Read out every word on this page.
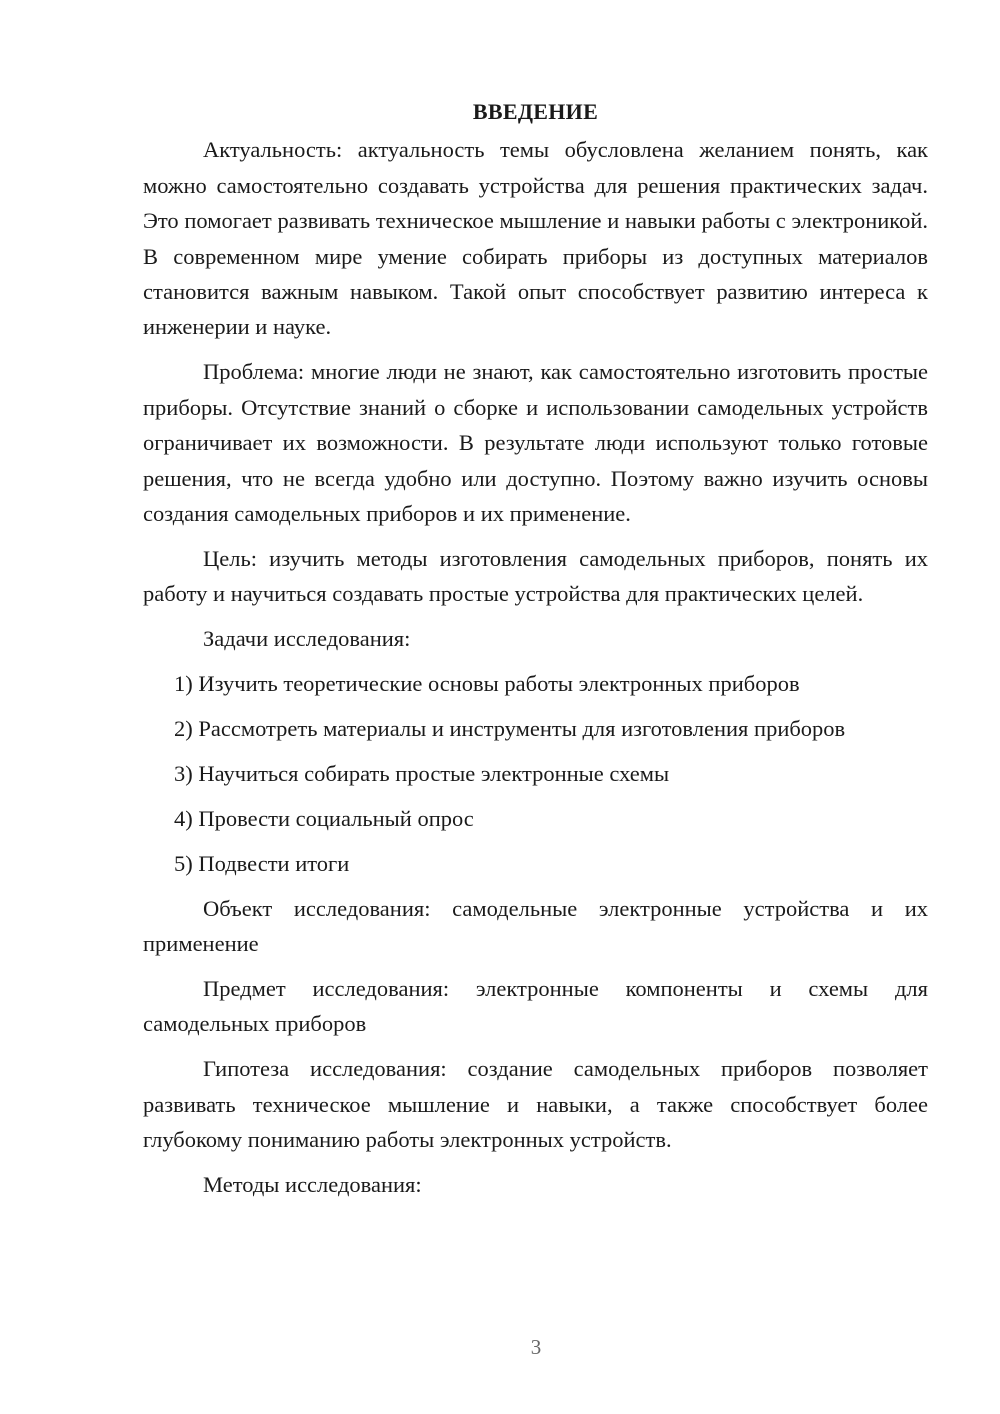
ВВЕДЕНИЕ

Актуальность: актуальность темы обусловлена желанием понять, как можно самостоятельно создавать устройства для решения практических задач. Это помогает развивать техническое мышление и навыки работы с электроникой. В современном мире умение собирать приборы из доступных материалов становится важным навыком. Такой опыт способствует развитию интереса к инженерии и науке.

Проблема: многие люди не знают, как самостоятельно изготовить простые приборы. Отсутствие знаний о сборке и использовании самодельных устройств ограничивает их возможности. В результате люди используют только готовые решения, что не всегда удобно или доступно. Поэтому важно изучить основы создания самодельных приборов и их применение.

Цель: изучить методы изготовления самодельных приборов, понять их работу и научиться создавать простые устройства для практических целей.

Задачи исследования:

1) Изучить теоретические основы работы электронных приборов
2) Рассмотреть материалы и инструменты для изготовления приборов
3) Научиться собирать простые электронные схемы
4) Провести социальный опрос
5) Подвести итоги

Объект исследования: самодельные электронные устройства и их применение

Предмет исследования: электронные компоненты и схемы для самодельных приборов

Гипотеза исследования: создание самодельных приборов позволяет развивать техническое мышление и навыки, а также способствует более глубокому пониманию работы электронных устройств.

Методы исследования:

3
